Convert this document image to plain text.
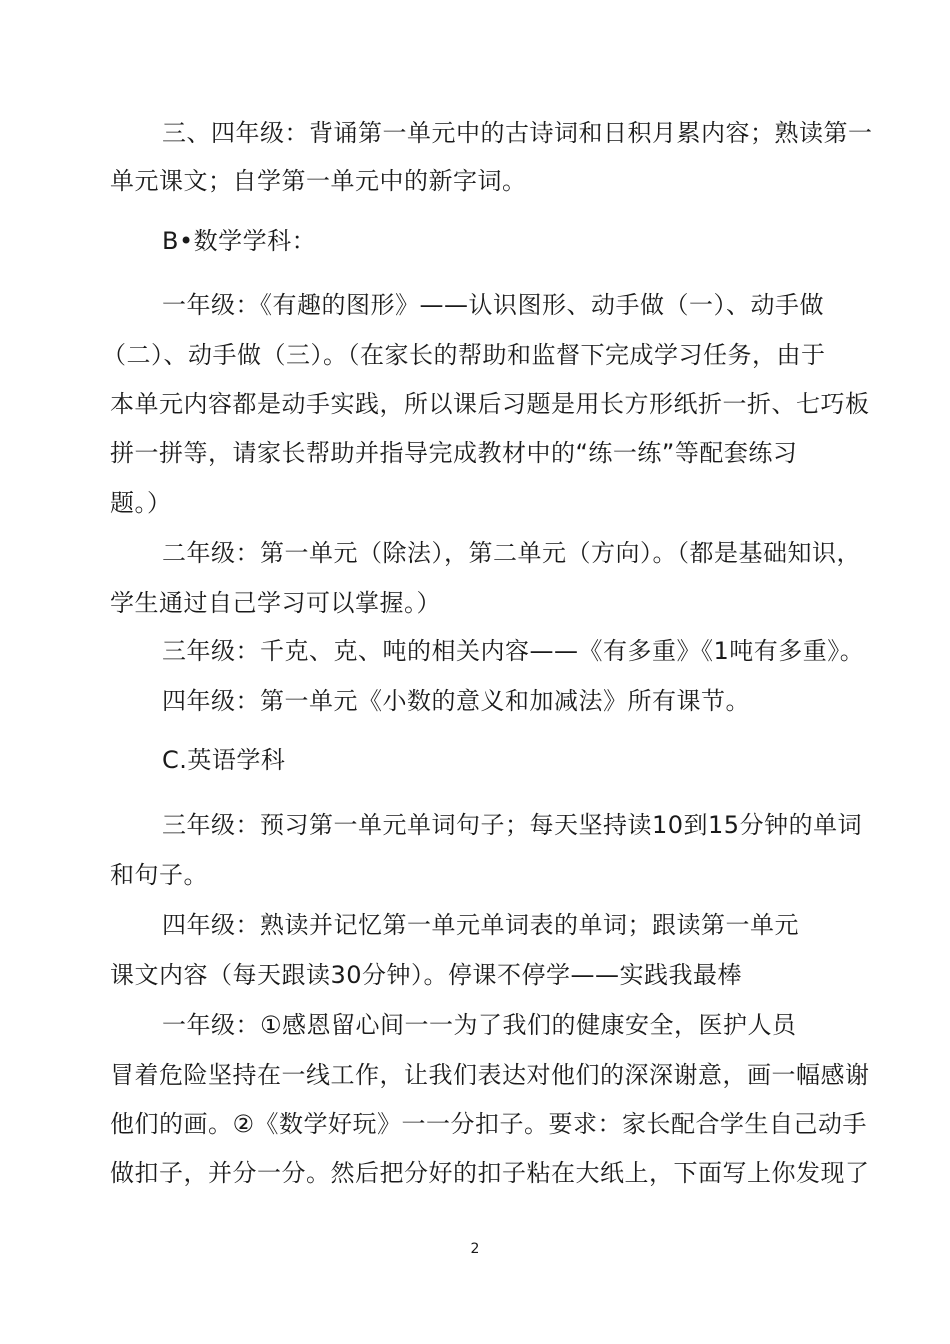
三、四年级：背诵第一单元中的古诗词和日积月累内容；熟读第一
单元课文；自学第一单元中的新字词。
B•数学学科：
一年级：《有趣的图形》——认识图形、动手做（一）、动手做
（二）、动手做（三）。（在家长的帮助和监督下完成学习任务，由于
本单元内容都是动手实践，所以课后习题是用长方形纸折一折、七巧板
拼一拼等，请家长帮助并指导完成教材中的“练一练”等配套练习
题。）
二年级：第一单元（除法），第二单元（方向）。（都是基础知识，
学生通过自己学习可以掌握。）
三年级：千克、克、吨的相关内容——《有多重》《1吨有多重》。
四年级：第一单元《小数的意义和加减法》所有课节。
C.英语学科
三年级：预习第一单元单词句子；每天坚持读10到15分钟的单词
和句子。
四年级：熟读并记忆第一单元单词表的单词；跟读第一单元
课文内容（每天跟读30分钟）。停课不停学——实践我最棒
一年级：①感恩留心间一一为了我们的健康安全，医护人员
冒着危险坚持在一线工作，让我们表达对他们的深深谢意，画一幅感谢
他们的画。②《数学好玩》一一分扣子。要求：家长配合学生自己动手
做扣子，并分一分。然后把分好的扣子粘在大纸上，下面写上你发现了
2
